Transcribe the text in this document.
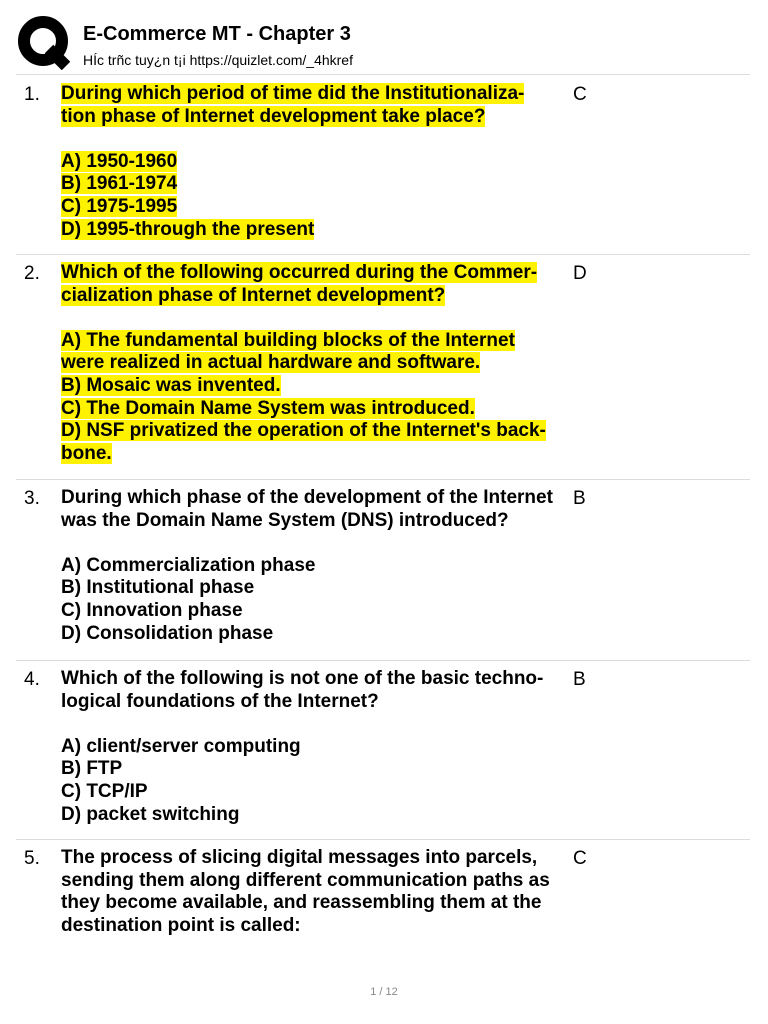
E-Commerce MT - Chapter 3
HÍc trñc tuy¿n t¡i https://quizlet.com/_4hkref
1. During which period of time did the Institutionaliza-
tion phase of Internet development take place?
A) 1950-1960
B) 1961-1974
C) 1975-1995
D) 1995-through the present
C
2. Which of the following occurred during the Commer-
cialization phase of Internet development?
A) The fundamental building blocks of the Internet
were realized in actual hardware and software.
B) Mosaic was invented.
C) The Domain Name System was introduced.
D) NSF privatized the operation of the Internet's back-
bone.
D
3. During which phase of the development of the Internet
was the Domain Name System (DNS) introduced?
A) Commercialization phase
B) Institutional phase
C) Innovation phase
D) Consolidation phase
B
4. Which of the following is not one of the basic techno-
logical foundations of the Internet?
A) client/server computing
B) FTP
C) TCP/IP
D) packet switching
B
5. The process of slicing digital messages into parcels,
sending them along different communication paths as
they become available, and reassembling them at the
destination point is called:
C
1 / 12
